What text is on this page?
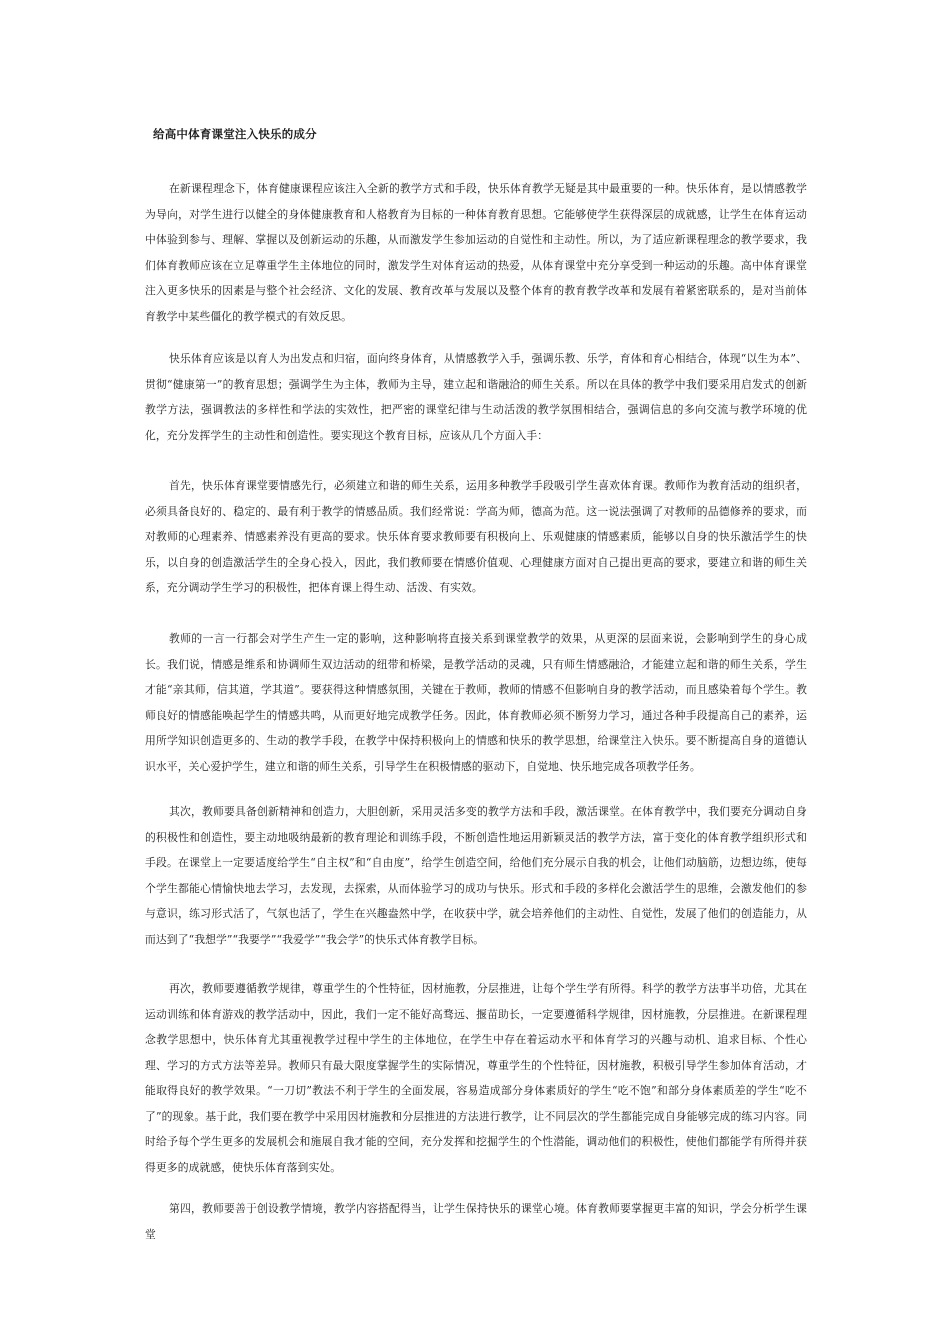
给高中体育课堂注入快乐的成分

在新课程理念下，体育健康课程应该注入全新的教学方式和手段，快乐体育教学无疑是其中最重要的一种。快乐体育，是以情感教学为导向，对学生进行以健全的身体健康教育和人格教育为目标的一种体育教育思想。它能够使学生获得深层的成就感，让学生在体育运动中体验到参与、理解、掌握以及创新运动的乐趣，从而激发学生参加运动的自觉性和主动性。所以，为了适应新课程理念的教学要求，我们体育教师应该在立足尊重学生主体地位的同时，激发学生对体育运动的热爱，从体育课堂中充分享受到一种运动的乐趣。高中体育课堂注入更多快乐的因素是与整个社会经济、文化的发展、教育改革与发展以及整个体育的教育教学改革和发展有着紧密联系的，是对当前体育教学中某些僵化的教学模式的有效反思。

快乐体育应该是以育人为出发点和归宿，面向终身体育，从情感教学入手，强调乐教、乐学，育体和育心相结合，体现“以生为本”、贯彻“健康第一”的教育思想；强调学生为主体，教师为主导，建立起和谐融洽的师生关系。所以在具体的教学中我们要采用启发式的创新教学方法，强调教法的多样性和学法的实效性，把严密的课堂纪律与生动活泼的教学氛围相结合，强调信息的多向交流与教学环境的优化，充分发挥学生的主动性和创造性。要实现这个教育目标，应该从几个方面入手：

首先，快乐体育课堂要情感先行，必须建立和谐的师生关系，运用多种教学手段吸引学生喜欢体育课。教师作为教育活动的组织者，必须具备良好的、稳定的、最有利于教学的情感品质。我们经常说：学高为师，德高为范。这一说法强调了对教师的品德修养的要求，而对教师的心理素养、情感素养没有更高的要求。快乐体育要求教师要有积极向上、乐观健康的情感素质，能够以自身的快乐激活学生的快乐，以自身的创造激活学生的全身心投入，因此，我们教师要在情感价值观、心理健康方面对自己提出更高的要求，要建立和谐的师生关系，充分调动学生学习的积极性，把体育课上得生动、活泼、有实效。

教师的一言一行都会对学生产生一定的影响，这种影响将直接关系到课堂教学的效果，从更深的层面来说，会影响到学生的身心成长。我们说，情感是维系和协调师生双边活动的纽带和桥梁，是教学活动的灵魂，只有师生情感融洽，才能建立起和谐的师生关系，学生才能“亲其师，信其道，学其道”。要获得这种情感氛围，关键在于教师，教师的情感不但影响自身的教学活动，而且感染着每个学生。教师良好的情感能唤起学生的情感共鸣，从而更好地完成教学任务。因此，体育教师必须不断努力学习，通过各种手段提高自己的素养，运用所学知识创造更多的、生动的教学手段，在教学中保持积极向上的情感和快乐的教学思想，给课堂注入快乐。要不断提高自身的道德认识水平，关心爱护学生，建立和谐的师生关系，引导学生在积极情感的驱动下，自觉地、快乐地完成各项教学任务。

其次，教师要具备创新精神和创造力，大胆创新，采用灵活多变的教学方法和手段，激活课堂。在体育教学中，我们要充分调动自身的积极性和创造性，要主动地吸纳最新的教育理论和训练手段，不断创造性地运用新颖灵活的教学方法，富于变化的体育教学组织形式和手段。在课堂上一定要适度给学生“自主权”和“自由度”，给学生创造空间，给他们充分展示自我的机会，让他们动脑筋，边想边练，使每个学生都能心情愉快地去学习，去发现，去探索，从而体验学习的成功与快乐。形式和手段的多样化会激活学生的思维，会激发他们的参与意识，练习形式活了，气氛也活了，学生在兴趣盎然中学，在收获中学，就会培养他们的主动性、自觉性，发展了他们的创造能力，从而达到了“我想学”“我要学”“我爱学”“我会学”的快乐式体育教学目标。

再次，教师要遵循教学规律，尊重学生的个性特征，因材施教，分层推进，让每个学生学有所得。科学的教学方法事半功倍，尤其在运动训练和体育游戏的教学活动中，因此，我们一定不能好高骛远、揠苗助长，一定要遵循科学规律，因材施教，分层推进。在新课程理念教学思想中，快乐体育尤其重视教学过程中学生的主体地位，在学生中存在着运动水平和体育学习的兴趣与动机、追求目标、个性心理、学习的方式方法等差异。教师只有最大限度掌握学生的实际情况，尊重学生的个性特征，因材施教，积极引导学生参加体育活动，才能取得良好的教学效果。“一刀切”教法不利于学生的全面发展，容易造成部分身体素质好的学生“吃不饱”和部分身体素质差的学生“吃不了”的现象。基于此，我们要在教学中采用因材施教和分层推进的方法进行教学，让不同层次的学生都能完成自身能够完成的练习内容。同时给予每个学生更多的发展机会和施展自我才能的空间，充分发挥和挖掘学生的个性潜能，调动他们的积极性，使他们都能学有所得并获得更多的成就感，使快乐体育落到实处。

第四，教师要善于创设教学情境，教学内容搭配得当，让学生保持快乐的课堂心境。体育教师要掌握更丰富的知识，学会分析学生课堂
